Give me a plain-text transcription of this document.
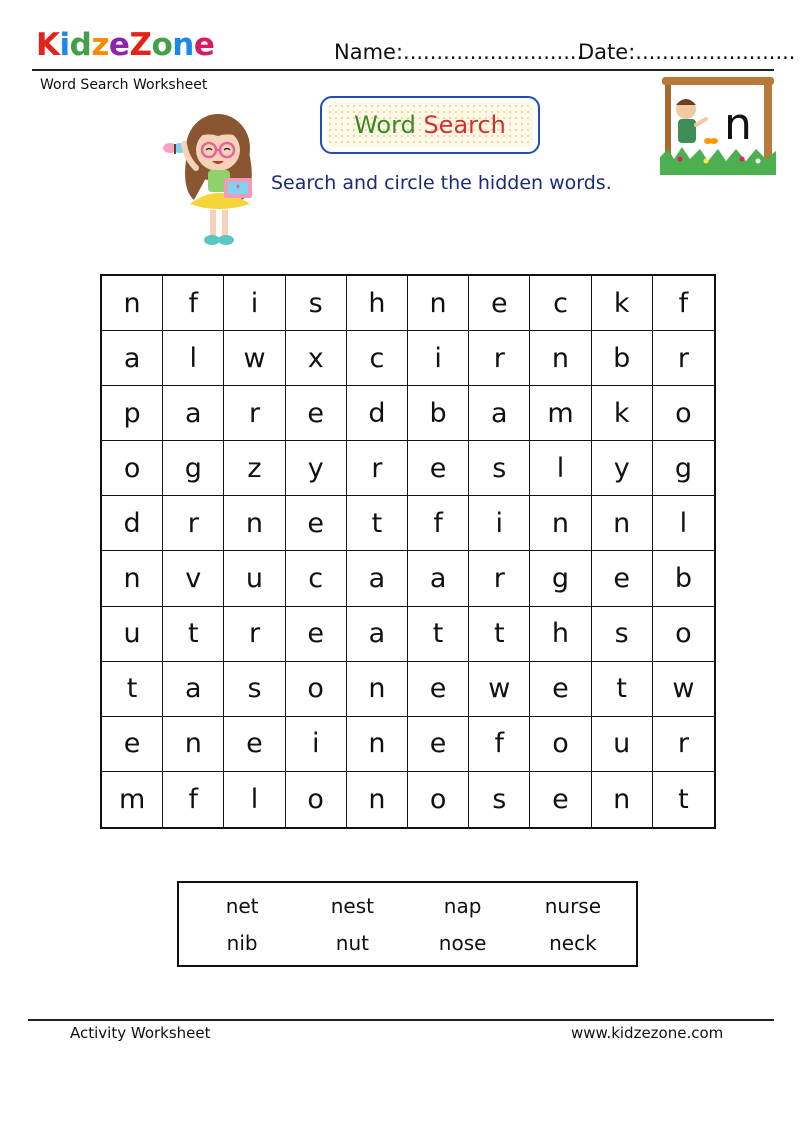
KidzeZone
Word Search Worksheet
Name:...........................
Date:........................
Word
Search
Search and circle the hidden words.
n
n	f	i	s	h	n	e	c	k	f
a	l	w	x	c	i	r	n	b	r
p	a	r	e	d	b	a	m	k	o
o	g	z	y	r	e	s	l	y	g
d	r	n	e	t	f	i	n	n	l
n	v	u	c	a	a	r	g	e	b
u	t	r	e	a	t	t	h	s	o
t	a	s	o	n	e	w	e	t	w
e	n	e	i	n	e	f	o	u	r
m	f	l	o	n	o	s	e	n	t
net	nest	nap	nurse
nib	nut	nose	neck
Activity Worksheet	www.kidzezone.com
